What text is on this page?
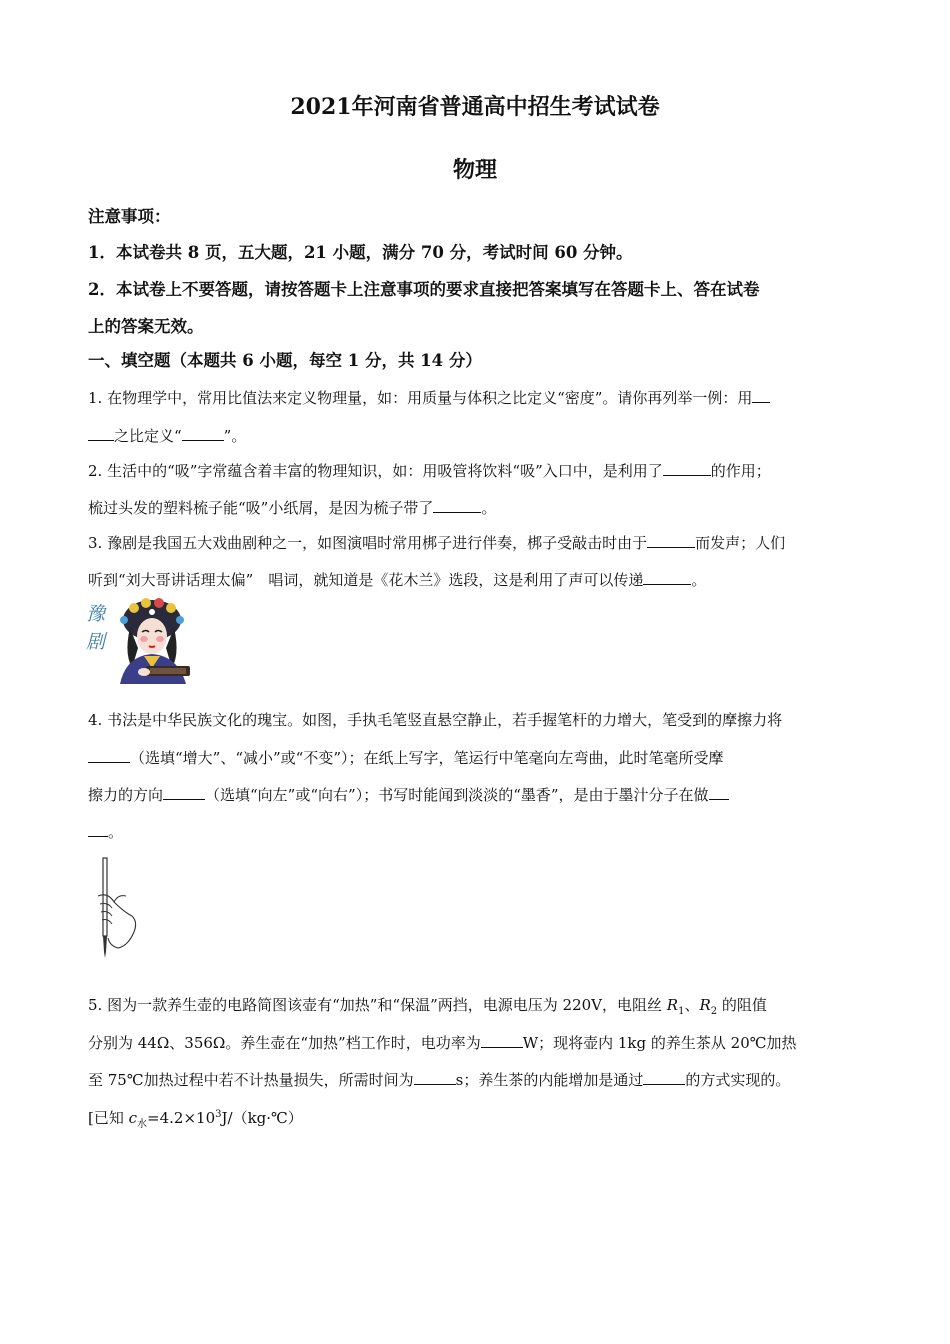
2021年河南省普通高中招生考试试卷
物理
注意事项：
1．本试卷共 8 页，五大题，21 小题，满分 70 分，考试时间 60 分钟。
2．本试卷上不要答题，请按答题卡上注意事项的要求直接把答案填写在答题卡上、答在试卷
上的答案无效。
一、填空题（本题共 6 小题，每空 1 分，共 14 分）
1. 在物理学中，常用比值法来定义物理量，如：用质量与体积之比定义“密度”。请你再列举一例：用
之比定义“	”。
2. 生活中的“吸”字常蕴含着丰富的物理知识，如：用吸管将饮料“吸”入口中，是利用了	的作用；
梳过头发的塑料梳子能“吸”小纸屑，是因为梳子带了	。
3. 豫剧是我国五大戏曲剧种之一，如图演唱时常用梆子进行伴奏，梆子受敲击时由于	而发声；人们
听到“刘大哥讲话理太偏”　唱词，就知道是《花木兰》选段，这是利用了声可以传递	。
豫剧
4. 书法是中华民族文化的瑰宝。如图，手执毛笔竖直悬空静止，若手握笔杆的力增大，笔受到的摩擦力将
（选填“增大”、“减小”或“不变”）；在纸上写字，笔运行中笔毫向左弯曲，此时笔毫所受摩
擦力的方向	（选填“向左”或“向右”）；书写时能闻到淡淡的“墨香”，是由于墨汁分子在做
。
5. 图为一款养生壶的电路简图该壶有“加热”和“保温”两挡，电源电压为 220V，电阻丝 $R_1$、$R_2$ 的阻值
分别为 44Ω、356Ω。养生壶在“加热”档工作时，电功率为	W；现将壶内 1kg 的养生茶从 20℃加热
至 75℃加热过程中若不计热量损失，所需时间为	s；养生茶的内能增加是通过	的方式实现的。
[已知 $c_水=4.2\times 10^3J/(kg\cdot℃)$
